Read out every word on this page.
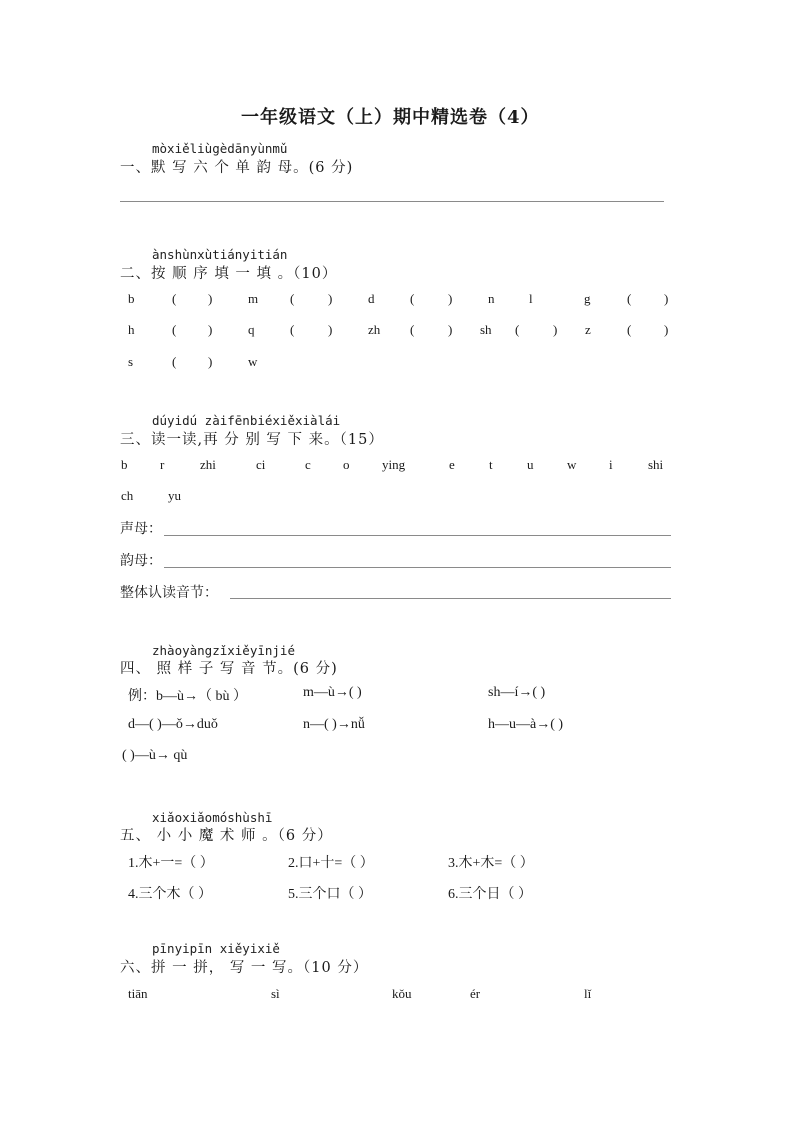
一年级语文（上）期中精选卷（4）
mòxiěliùgèdānyùnmǔ
一、默 写 六 个 单 韵 母。(6 分)
ànshùnxùtiányitián
二、按 顺 序 填 一 填 。（10）
b	( )	m (	)	d	(	)	n	l	g	(	)
h	( )	q	(	)	zh (	) sh (	) z	(	)
s	( )	w
dúyidú zàifēnbiéxiěxiàlái
三、读一读,再 分 别 写 下 来。（15）
b	r	zhi	ci	c o	ying	e	t	u	w	i	shi
ch	yu
声母：
韵母：
整体认读音节：
zhàoyàngzǐxiěyīnjié
四、 照 样 子 写 音 节。(6 分)
例：b—ù→（ bù ）	m—ù→( )	sh—í→( )
d—( )—ǒ→duǒ	n—( )→nǚ	h—u—à→( )
( )—ù→ qù
xiǎoxiǎomóshùshī
五、 小 小 魔 术 师 。（6 分）
1.木+一=（ ）	2.口+十=（ ）	3.木+木=（ ）
4.三个木（ ）	5.三个口（ ）	6.三个日（ ）
pīnyipīn xiěyixiě
六、拼 一 拼， 写 一 写。（10 分）
tiān	sì	kǒu	ér	lǐ
